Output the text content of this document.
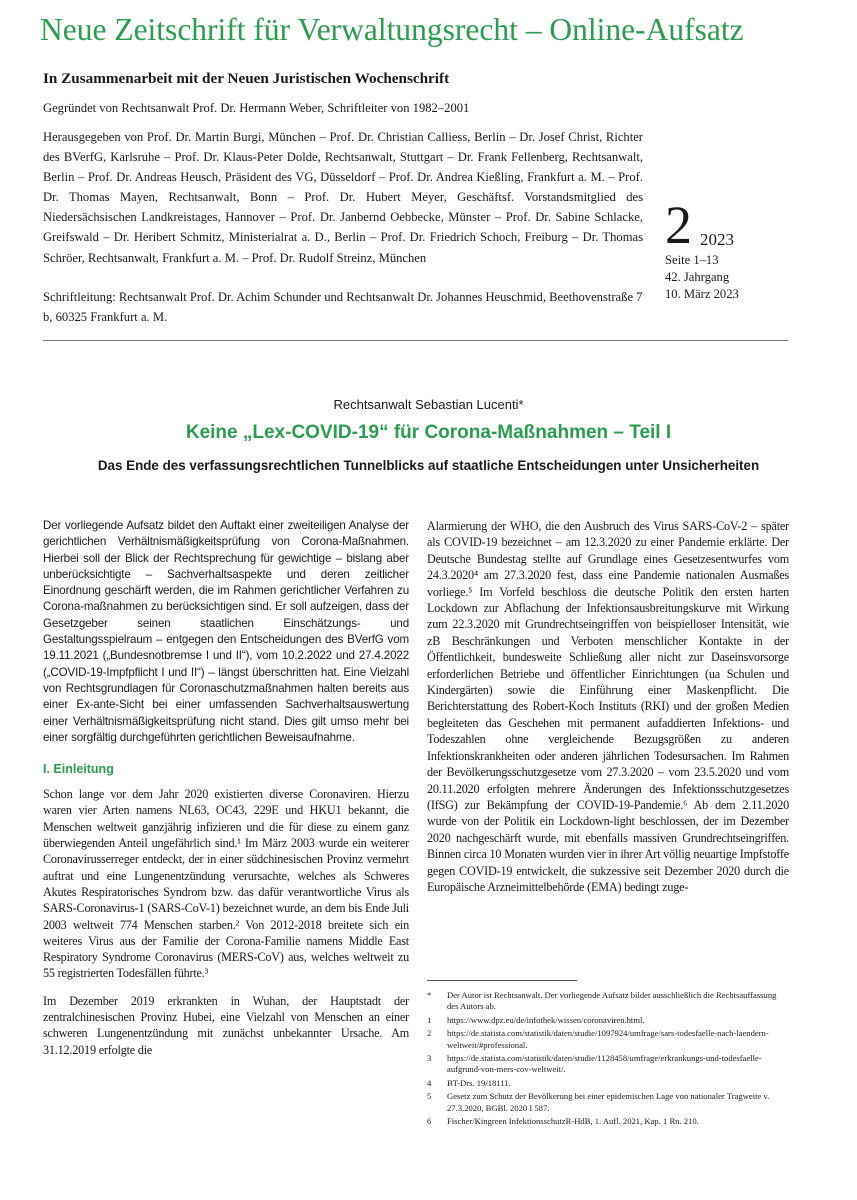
Neue Zeitschrift für Verwaltungsrecht – Online-Aufsatz
In Zusammenarbeit mit der Neuen Juristischen Wochenschrift
Gegründet von Rechtsanwalt Prof. Dr. Hermann Weber, Schriftleiter von 1982–2001
Herausgegeben von Prof. Dr. Martin Burgi, München – Prof. Dr. Christian Calliess, Berlin – Dr. Josef Christ, Richter des BVerfG, Karlsruhe – Prof. Dr. Klaus-Peter Dolde, Rechtsanwalt, Stuttgart – Dr. Frank Fellenberg, Rechtsanwalt, Berlin – Prof. Dr. Andreas Heusch, Präsident des VG, Düsseldorf – Prof. Dr. Andrea Kießling, Frankfurt a. M. – Prof. Dr. Thomas Mayen, Rechtsanwalt, Bonn – Prof. Dr. Hubert Meyer, Geschäftsf. Vorstandsmitglied des Niedersächsischen Landkreistages, Hannover – Prof. Dr. Janbernd Oebbecke, Münster – Prof. Dr. Sabine Schlacke, Greifswald – Dr. Heribert Schmitz, Ministerialrat a. D., Berlin – Prof. Dr. Friedrich Schoch, Freiburg – Dr. Thomas Schröer, Rechtsanwalt, Frankfurt a. M. – Prof. Dr. Rudolf Streinz, München
Schriftleitung: Rechtsanwalt Prof. Dr. Achim Schunder und Rechtsanwalt Dr. Johannes Heuschmid, Beethovenstraße 7 b, 60325 Frankfurt a. M.
2 2023
Seite 1–13
42. Jahrgang
10. März 2023
Rechtsanwalt Sebastian Lucenti*
Keine „Lex-COVID-19“ für Corona-Maßnahmen – Teil I
Das Ende des verfassungsrechtlichen Tunnelblicks auf staatliche Entscheidungen unter Unsicherheiten

Der vorliegende Aufsatz bildet den Auftakt einer zweiteiligen Analyse der gerichtlichen Verhältnismäßigkeitsprüfung von Corona-Maßnahmen. Hierbei soll der Blick der Rechtsprechung für gewichtige – bislang aber unberücksichtigte – Sachverhaltsaspekte und deren zeitlicher Einordnung geschärft werden, die im Rahmen gerichtlicher Verfahren zu Corona-maßnahmen zu berücksichtigen sind. Er soll aufzeigen, dass der Gesetzgeber seinen staatlichen Einschätzungs- und Gestaltungsspielraum – entgegen den Entscheidungen des BVerfG vom 19.11.2021 („Bundesnotbremse I und II“), vom 10.2.2022 und 27.4.2022 („COVID-19-Impfpflicht I und II“) – längst überschritten hat. Eine Vielzahl von Rechtsgrundlagen für Coronaschutzmaßnahmen halten bereits aus einer Ex-ante-Sicht bei einer umfassenden Sachverhaltsauswertung einer Verhältnismäßigkeitsprüfung nicht stand. Dies gilt umso mehr bei einer sorgfältig durchgeführten gerichtlichen Beweisaufnahme.

I. Einleitung

Schon lange vor dem Jahr 2020 existierten diverse Coronaviren. Hierzu waren vier Arten namens NL63, OC43, 229E und HKU1 bekannt, die Menschen weltweit ganzjährig infizieren und die für diese zu einem ganz überwiegenden Anteil ungefährlich sind.¹ Im März 2003 wurde ein weiterer Coronavirusserreger entdeckt, der in einer südchinesischen Provinz vermehrt auftrat und eine Lungenentzündung verursachte, welches als Schweres Akutes Respiratorisches Syndrom bzw. das dafür verantwortliche Virus als SARS-Coronavirus-1 (SARS-CoV-1) bezeichnet wurde, an dem bis Ende Juli 2003 weltweit 774 Menschen starben.² Von 2012-2018 breitete sich ein weiteres Virus aus der Familie der Corona-Familie namens Middle East Respiratory Syndrome Coronavirus (MERS-CoV) aus, welches weltweit zu 55 registrierten Todesfällen führte.³

Im Dezember 2019 erkrankten in Wuhan, der Hauptstadt der zentralchinesischen Provinz Hubei, eine Vielzahl von Menschen an einer schweren Lungenentzündung mit zunächst unbekannter Ursache. Am 31.12.2019 erfolgte die

Alarmierung der WHO, die den Ausbruch des Virus SARS-CoV-2 – später als COVID-19 bezeichnet – am 12.3.2020 zu einer Pandemie erklärte. Der Deutsche Bundestag stellte auf Grundlage eines Gesetzesentwurfes vom 24.3.2020⁴ am 27.3.2020 fest, dass eine Pandemie nationalen Ausmaßes vorliege.⁵ Im Vorfeld beschloss die deutsche Politik den ersten harten Lockdown zur Abflachung der Infektionsausbreitungskurve mit Wirkung zum 22.3.2020 mit Grundrechtseingriffen von beispielloser Intensität, wie zB Beschränkungen und Verboten menschlicher Kontakte in der Öffentlichkeit, bundesweite Schließung aller nicht zur Daseinsvorsorge erforderlichen Betriebe und öffentlicher Einrichtungen (ua Schulen und Kindergärten) sowie die Einführung einer Maskenpflicht. Die Berichterstattung des Robert-Koch Instituts (RKI) und der großen Medien begleiteten das Geschehen mit permanent aufaddierten Infektions- und Todeszahlen ohne vergleichende Bezugsgrößen zu anderen Infektionskrankheiten oder anderen jährlichen Todesursachen. Im Rahmen der Bevölkerungsschutzgesetze vom 27.3.2020 – vom 23.5.2020 und vom 20.11.2020 erfolgten mehrere Änderungen des Infektionsschutzgesetzes (IfSG) zur Bekämpfung der COVID-19-Pandemie.⁶ Ab dem 2.11.2020 wurde von der Politik ein Lockdown-light beschlossen, der im Dezember 2020 nachgeschärft wurde, mit ebenfalls massiven Grundrechtseingriffen. Binnen circa 10 Monaten wurden vier in ihrer Art völlig neuartige Impfstoffe gegen COVID-19 entwickelt, die sukzessive seit Dezember 2020 durch die Europäische Arzneimittelbehörde (EMA) bedingt zuge-

*	Der Autor ist Rechtsanwalt. Der vorliegende Aufsatz bildet ausschließlich die Rechtsauffassung des Autors ab.
1	https://www.dpz.eu/de/infothek/wissen/coronaviren.html.
2	https://de.statista.com/statistik/daten/studie/1097924/umfrage/sars-todesfaelle-nach-laendern-weltweit/#professional.
3	https://de.statista.com/statistik/daten/studie/1128458/umfrage/erkrankungs-und-todesfaelle-aufgrund-von-mers-cov-weltweit/.
4	BT-Drs. 19/18111.
5	Gesetz zum Schutz der Bevölkerung bei einer epidemischen Lage von nationaler Tragweite v. 27.3.2020, BGBl. 2020 I 587.
6	Fischer/Kingreen InfektionsschutzR-HdB, 1. Aufl. 2021, Kap. 1 Rn. 210.
